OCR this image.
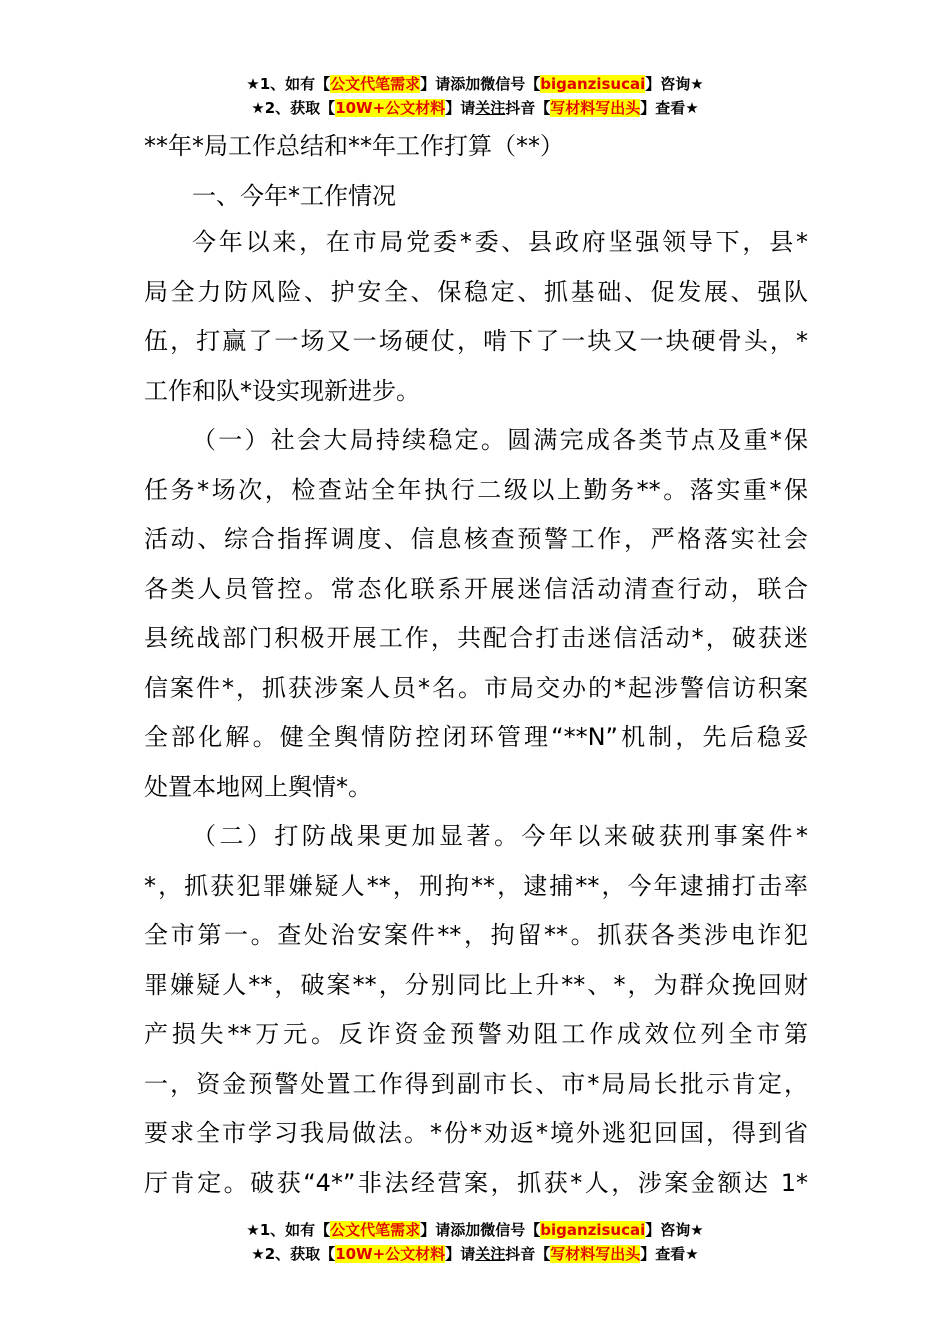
★1、如有【公文代笔需求】请添加微信号【biganzisucai】咨询★
★2、获取【10W+公文材料】请关注抖音【写材料写出头】查看★
**年*局工作总结和**年工作打算（**）
一、今年*工作情况

今年以来，在市局党委*委、县政府坚强领导下，县*
局全力防风险、护安全、保稳定、抓基础、促发展、强队
伍，打赢了一场又一场硬仗，啃下了一块又一块硬骨头，*
工作和队*设实现新进步。

（一）社会大局持续稳定。圆满完成各类节点及重*保
任务*场次，检查站全年执行二级以上勤务**。落实重*保
活动、综合指挥调度、信息核查预警工作，严格落实社会
各类人员管控。常态化联系开展迷信活动清查行动，联合
县统战部门积极开展工作，共配合打击迷信活动*，破获迷
信案件*，抓获涉案人员*名。市局交办的*起涉警信访积案
全部化解。健全舆情防控闭环管理“**N”机制，先后稳妥
处置本地网上舆情*。

（二）打防战果更加显著。今年以来破获刑事案件*
*，抓获犯罪嫌疑人**，刑拘**，逮捕**，今年逮捕打击率
全市第一。查处治安案件**，拘留**。抓获各类涉电诈犯
罪嫌疑人**，破案**，分别同比上升**、*，为群众挽回财
产损失**万元。反诈资金预警劝阻工作成效位列全市第
一，资金预警处置工作得到副市长、市*局局长批示肯定，
要求全市学习我局做法。*份*劝返*境外逃犯回国，得到省
厅肯定。破获“4*”非法经营案，抓获*人，涉案金额达 1*

★1、如有【公文代笔需求】请添加微信号【biganzisucai】咨询★
★2、获取【10W+公文材料】请关注抖音【写材料写出头】查看★
